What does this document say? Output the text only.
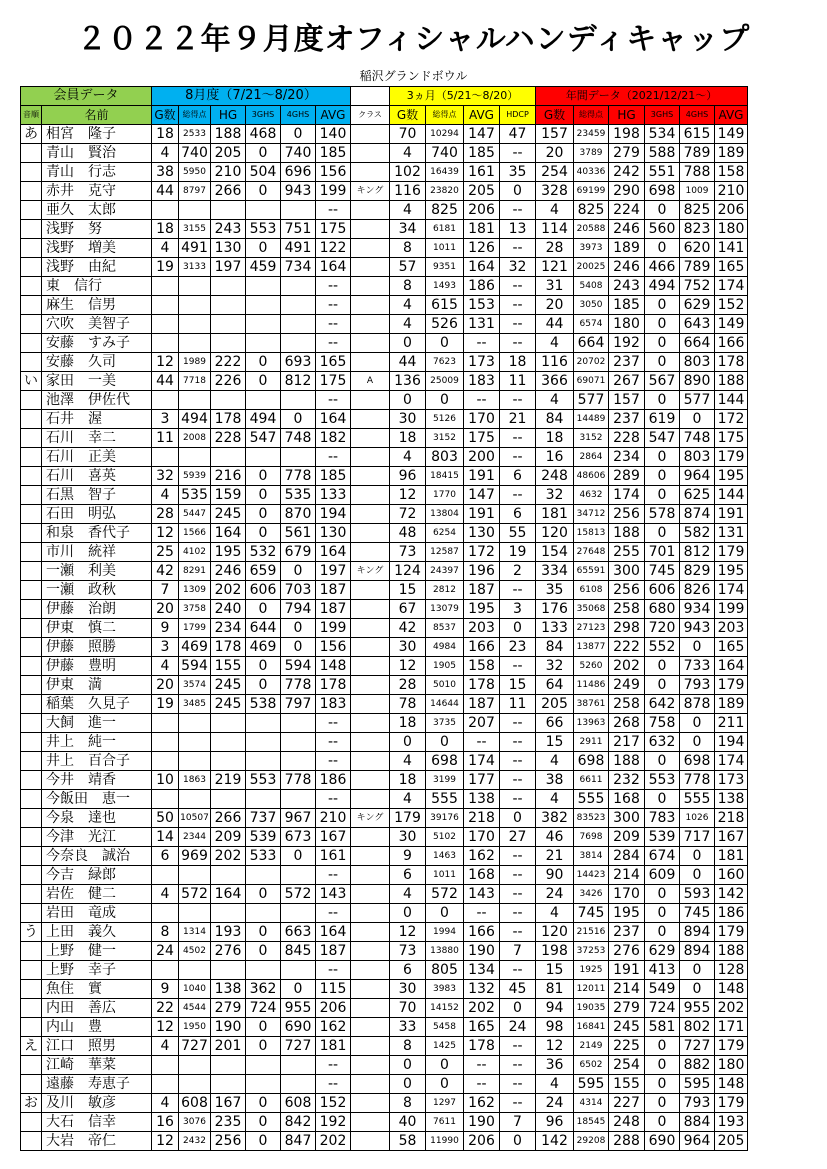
２０２２年９月度オフィシャルハンディキャップ
稲沢グランドボウル
会員データ		8月度（7/21～8/20）							3ヵ月（5/21～8/20）				年間データ（2021/12/21～）					
音順	名前	G数	総得点	HG	3GHS	4GHS	AVG	クラス	G数	総得点	AVG	HDCP	G数	総得点	HG	3GHS	4GHS	AVG
あ	相宮　隆子	18	2533	188	468	0	140		70	10294	147	47	157	23459	198	534	615	149
	青山　賢治	4	740	205	0	740	185		4	740	185	--	20	3789	279	588	789	189
	青山　行志	38	5950	210	504	696	156		102	16439	161	35	254	40336	242	551	788	158
	赤井　克守	44	8797	266	0	943	199	キング	116	23820	205	0	328	69199	290	698	1009	210
	亜久　太郎						--		4	825	206	--	4	825	224	0	825	206
	浅野　努	18	3155	243	553	751	175		34	6181	181	13	114	20588	246	560	823	180
	浅野　増美	4	491	130	0	491	122		8	1011	126	--	28	3973	189	0	620	141
	浅野　由紀	19	3133	197	459	734	164		57	9351	164	32	121	20025	246	466	789	165
	東　信行						--		8	1493	186	--	31	5408	243	494	752	174
	麻生　信男						--		4	615	153	--	20	3050	185	0	629	152
	穴吹　美智子						--		4	526	131	--	44	6574	180	0	643	149
	安藤　すみ子						--		0	0	--	--	4	664	192	0	664	166
	安藤　久司	12	1989	222	0	693	165		44	7623	173	18	116	20702	237	0	803	178
い	家田　一美	44	7718	226	0	812	175	A	136	25009	183	11	366	69071	267	567	890	188
	池澤　伊佐代						--		0	0	--	--	4	577	157	0	577	144
	石井　渥	3	494	178	494	0	164		30	5126	170	21	84	14489	237	619	0	172
	石川　幸二	11	2008	228	547	748	182		18	3152	175	--	18	3152	228	547	748	175
	石川　正美						--		4	803	200	--	16	2864	234	0	803	179
	石川　喜英	32	5939	216	0	778	185		96	18415	191	6	248	48606	289	0	964	195
	石黒　智子	4	535	159	0	535	133		12	1770	147	--	32	4632	174	0	625	144
	石田　明弘	28	5447	245	0	870	194		72	13804	191	6	181	34712	256	578	874	191
	和泉　香代子	12	1566	164	0	561	130		48	6254	130	55	120	15813	188	0	582	131
	市川　統祥	25	4102	195	532	679	164		73	12587	172	19	154	27648	255	701	812	179
	一瀬　利美	42	8291	246	659	0	197	キング	124	24397	196	2	334	65591	300	745	829	195
	一瀬　政秋	7	1309	202	606	703	187		15	2812	187	--	35	6108	256	606	826	174
	伊藤　治朗	20	3758	240	0	794	187		67	13079	195	3	176	35068	258	680	934	199
	伊東　慎二	9	1799	234	644	0	199		42	8537	203	0	133	27123	298	720	943	203
	伊藤　照勝	3	469	178	469	0	156		30	4984	166	23	84	13877	222	552	0	165
	伊藤　豊明	4	594	155	0	594	148		12	1905	158	--	32	5260	202	0	733	164
	伊東　満	20	3574	245	0	778	178		28	5010	178	15	64	11486	249	0	793	179
	稲葉　久見子	19	3485	245	538	797	183		78	14644	187	11	205	38761	258	642	878	189
	大飼　進一						--		18	3735	207	--	66	13963	268	758	0	211
	井上　純一						--		0	0	--	--	15	2911	217	632	0	194
	井上　百合子						--		4	698	174	--	4	698	188	0	698	174
	今井　靖香	10	1863	219	553	778	186		18	3199	177	--	38	6611	232	553	778	173
	今飯田　恵一						--		4	555	138	--	4	555	168	0	555	138
	今泉　達也	50	10507	266	737	967	210	キング	179	39176	218	0	382	83523	300	783	1026	218
	今津　光江	14	2344	209	539	673	167		30	5102	170	27	46	7698	209	539	717	167
	今奈良　誠治	6	969	202	533	0	161		9	1463	162	--	21	3814	284	674	0	181
	今吉　緑郎						--		6	1011	168	--	90	14423	214	609	0	160
	岩佐　健二	4	572	164	0	572	143		4	572	143	--	24	3426	170	0	593	142
	岩田　竜成						--		0	0	--	--	4	745	195	0	745	186
う	上田　義久	8	1314	193	0	663	164		12	1994	166	--	120	21516	237	0	894	179
	上野　健一	24	4502	276	0	845	187		73	13880	190	7	198	37253	276	629	894	188
	上野　幸子						--		6	805	134	--	15	1925	191	413	0	128
	魚住　實	9	1040	138	362	0	115		30	3983	132	45	81	12011	214	549	0	148
	内田　善広	22	4544	279	724	955	206		70	14152	202	0	94	19035	279	724	955	202
	内山　豊	12	1950	190	0	690	162		33	5458	165	24	98	16841	245	581	802	171
え	江口　照男	4	727	201	0	727	181		8	1425	178	--	12	2149	225	0	727	179
	江崎　華菜						--		0	0	--	--	36	6502	254	0	882	180
	遠藤　寿恵子						--		0	0	--	--	4	595	155	0	595	148
お	及川　敏彦	4	608	167	0	608	152		8	1297	162	--	24	4314	227	0	793	179
	大石　信幸	16	3076	235	0	842	192		40	7611	190	7	96	18545	248	0	884	193
	大岩　帝仁	12	2432	256	0	847	202		58	11990	206	0	142	29208	288	690	964	205
